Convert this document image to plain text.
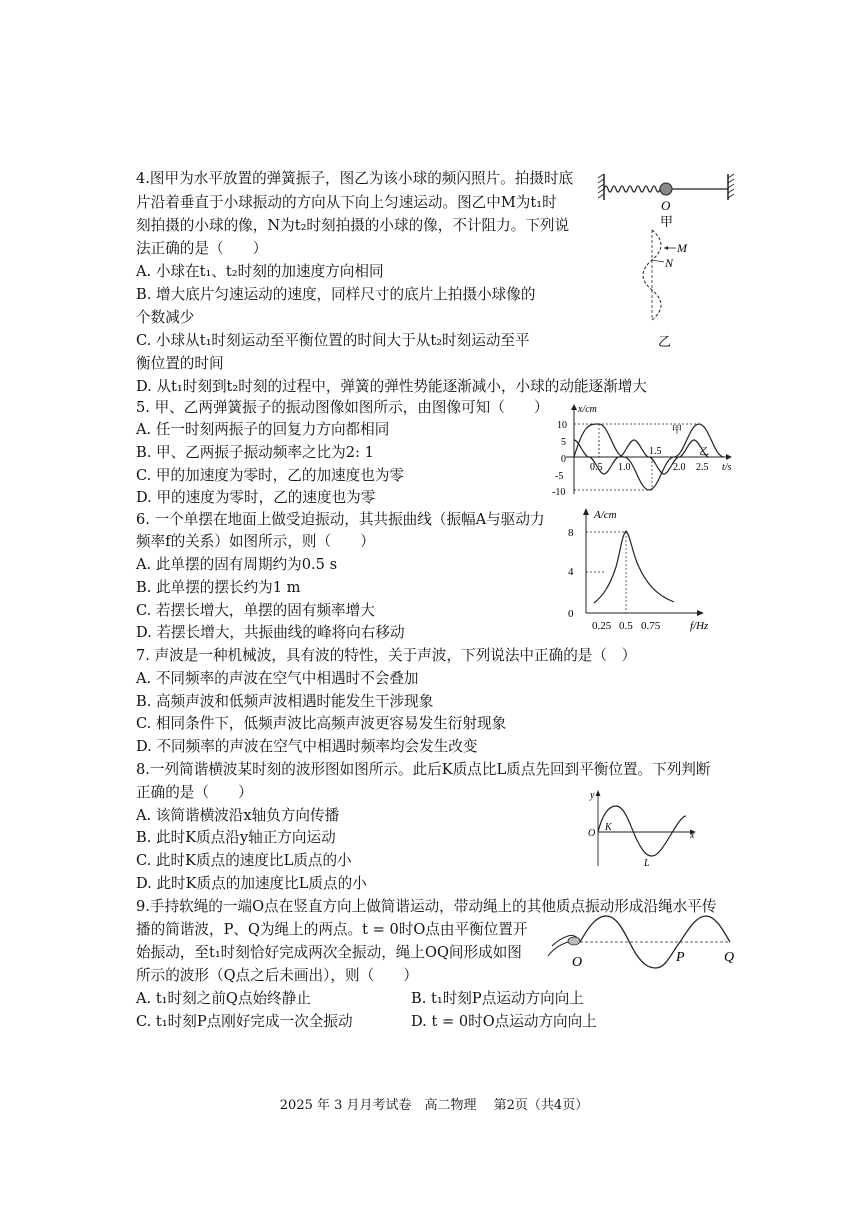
4.图甲为水平放置的弹簧振子，图乙为该小球的频闪照片。拍摄时底
片沿着垂直于小球振动的方向从下向上匀速运动。图乙中M为t₁时
刻拍摄的小球的像，N为t₂时刻拍摄的小球的像，不计阻力。下列说
法正确的是（　　）
A. 小球在t₁、t₂时刻的加速度方向相同
B. 增大底片匀速运动的速度，同样尺寸的底片上拍摄小球像的
个数减少
C. 小球从t₁时刻运动至平衡位置的时间大于从t₂时刻运动至平
衡位置的时间
D. 从t₁时刻到t₂时刻的过程中，弹簧的弹性势能逐渐减小，小球的动能逐渐增大
O
甲
M
N
乙
5. 甲、乙两弹簧振子的振动图像如图所示，由图像可知（　　）
A. 任一时刻两振子的回复力方向都相同
B. 甲、乙两振子振动频率之比为2: 1
C. 甲的加速度为零时，乙的加速度也为零
D. 甲的速度为零时，乙的速度也为零
x/cm
t/s
10
5
0
-5
-10
0.5 1.0
1.5
2.0 2.5
甲
乙
6. 一个单摆在地面上做受迫振动，其共振曲线（振幅A与驱动力
频率f的关系）如图所示，则（　　）
A. 此单摆的固有周期约为0.5 s
B. 此单摆的摆长约为1 m
C. 若摆长增大，单摆的固有频率增大
D. 若摆长增大，共振曲线的峰将向右移动
A/cm
f/Hz
8
4
0
0.25 0.5 0.75
7. 声波是一种机械波，具有波的特性，关于声波，下列说法中正确的是（　）
A. 不同频率的声波在空气中相遇时不会叠加
B. 高频声波和低频声波相遇时能发生干涉现象
C. 相同条件下，低频声波比高频声波更容易发生衍射现象
D. 不同频率的声波在空气中相遇时频率均会发生改变
8.一列简谐横波某时刻的波形图如图所示。此后K质点比L质点先回到平衡位置。下列判断
正确的是（　　）
A. 该简谐横波沿x轴负方向传播
B. 此时K质点沿y轴正方向运动
C. 此时K质点的速度比L质点的小
D. 此时K质点的加速度比L质点的小
y
x
O
K
L
9.手持软绳的一端O点在竖直方向上做简谐运动，带动绳上的其他质点振动形成沿绳水平传
播的简谐波，P、Q为绳上的两点。t = 0时O点由平衡位置开
始振动，至t₁时刻恰好完成两次全振动，绳上OQ间形成如图
所示的波形（Q点之后未画出），则（　　）
A. t₁时刻之前Q点始终静止	B. t₁时刻P点运动方向向上
C. t₁时刻P点刚好完成一次全振动	D. t = 0时O点运动方向向上
O	P	Q
2025 年 3 月月考试卷　高二物理　 第2页（共4页）
